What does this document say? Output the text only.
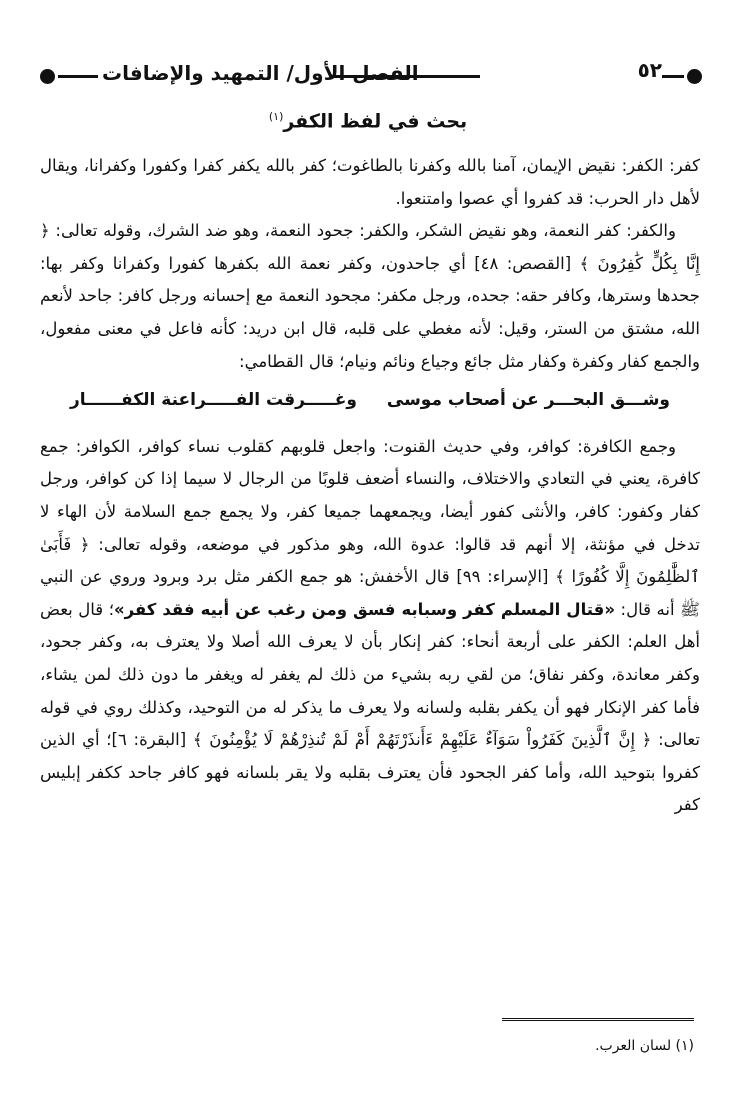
٥٢
الفصل الأول/ التمهيد والإضافات
بحث في لفظ الكفر$^{(١)}$

كفر: الكفر: نقيض الإيمان، آمنا بالله وكفرنا بالطاغوت؛ كفر بالله يكفر كفرا وكفورا وكفرانا، ويقال لأهل دار الحرب: قد كفروا أي عصوا وامتنعوا.

والكفر: كفر النعمة، وهو نقيض الشكر، والكفر: جحود النعمة، وهو ضد الشرك، وقوله تعالى: ﴿ إِنَّا بِكُلٍّ كَٰفِرُونَ ﴾ [القصص: ٤٨] أي جاحدون، وكفر نعمة الله بكفرها كفورا وكفرانا وكفر بها: جحدها وسترها، وكافر حقه: جحده، ورجل مكفر: مجحود النعمة مع إحسانه ورجل كافر: جاحد لأنعم الله، مشتق من الستر، وقيل: لأنه مغطي على قلبه، قال ابن دريد: كأنه فاعل في معنى مفعول، والجمع كفار وكفرة وكفار مثل جائع وجياع ونائم ونيام؛ قال القطامي:

وشـــق البحـــر عن أصحاب موسى
وغـــــرقت الفـــــراعنة الكفــــــار

وجمع الكافرة: كوافر، وفي حديث القنوت: واجعل قلوبهم كقلوب نساء كوافر، الكوافر: جمع كافرة، يعني في التعادي والاختلاف، والنساء أضعف قلوبًا من الرجال لا سيما إذا كن كوافر، ورجل كفار وكفور: كافر، والأنثى كفور أيضا، ويجمعهما جميعا كفر، ولا يجمع جمع السلامة لأن الهاء لا تدخل في مؤنثة، إلا أنهم قد قالوا: عدوة الله، وهو مذكور في موضعه، وقوله تعالى: ﴿ فَأَبَىٰ ٱلظَّٰلِمُونَ إِلَّا كُفُورًا ﴾ [الإسراء: ٩٩] قال الأخفش: هو جمع الكفر مثل برد وبرود وروي عن النبي ﷺ أنه قال: «قتال المسلم كفر وسبابه فسق ومن رغب عن أبيه فقد كفر»؛ قال بعض أهل العلم: الكفر على أربعة أنحاء: كفر إنكار بأن لا يعرف الله أصلا ولا يعترف به، وكفر جحود، وكفر معاندة، وكفر نفاق؛ من لقي ربه بشيء من ذلك لم يغفر له ويغفر ما دون ذلك لمن يشاء، فأما كفر الإنكار فهو أن يكفر بقلبه ولسانه ولا يعرف ما يذكر له من التوحيد، وكذلك روي في قوله تعالى: ﴿ إِنَّ ٱلَّذِينَ كَفَرُواْ سَوَآءٌ عَلَيْهِمْ ءَأَنذَرْتَهُمْ أَمْ لَمْ تُنذِرْهُمْ لَا يُؤْمِنُونَ ﴾ [البقرة: ٦]؛ أي الذين كفروا بتوحيد الله، وأما كفر الجحود فأن يعترف بقلبه ولا يقر بلسانه فهو كافر جاحد ككفر إبليس كفر

(١) لسان العرب.
